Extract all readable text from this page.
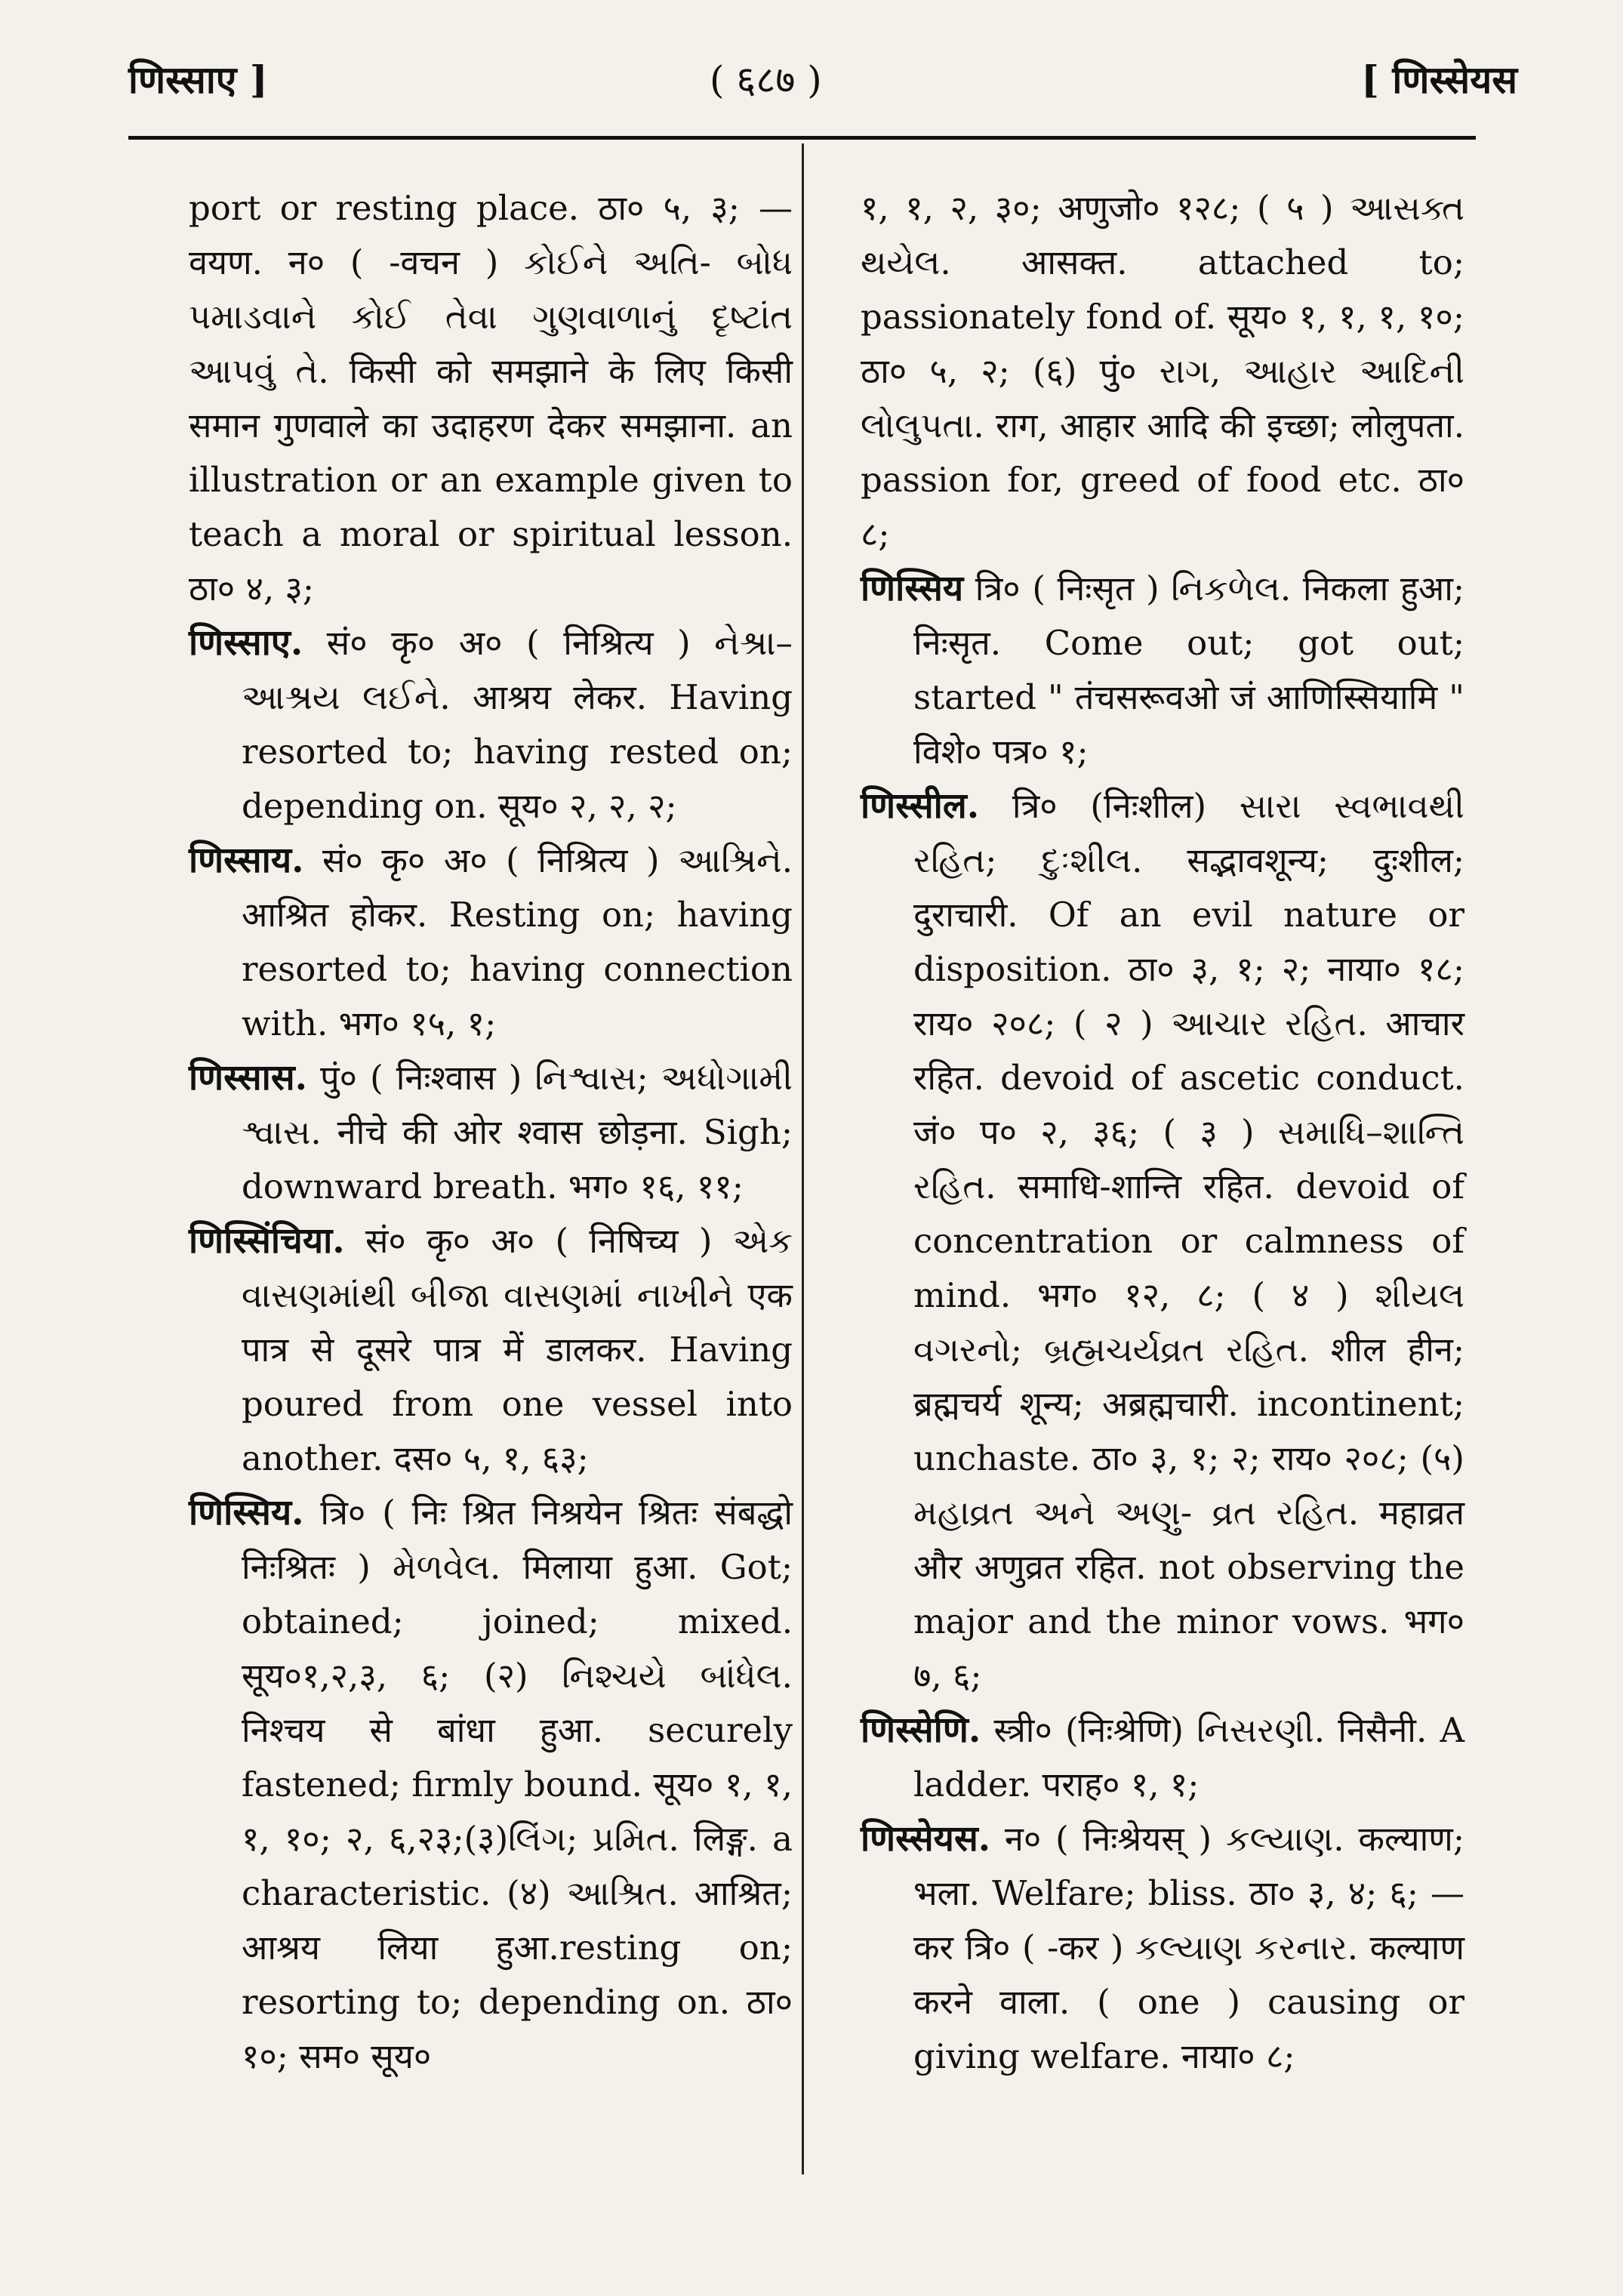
णिस्साए ]	( ६८७ )	[ णिस्सेयस

port or resting place. ठा० ५, ३; —वयण. न० ( -वचन ) કોઈને અતિ- બોધ પમાડવાને કોઈ તેવા ગુણવાળાનું દૃષ્ટાંત આપવું તે. किसी को समझाने के लिए किसी समान गुणवाले का उदाहरण देकर समझाना. an illustration or an example given to teach a moral or spiritual lesson. ठा० ४, ३;

णिस्साए. सं० कृ० अ० ( निश्रित्य ) નેશ્રા– આશ્રય લઈને. आश्रय लेकर. Having resorted to; having rested on; depending on. सूय० २, २, २;

णिस्साय. सं० कृ० अ० ( निश्रित्य ) આશ્રિને. आश्रित होकर. Resting on; having resorted to; having connection with. भग० १५, १;

णिस्सास. पुं० ( निःश्वास ) નિશ્વાસ; અધોગામી શ્વાસ. नीचे की ओर श्वास छोड़ना. Sigh; downward breath. भग० १६, ११;

णिस्सिंचिया. सं० कृ० अ० ( निषिच्य ) એક વાસણમાંથી બીજા વાસણમાં નાખીને एक पात्र से दूसरे पात्र में डालकर. Having poured from one vessel into another. दस० ५, १, ६३;

णिस्सिय. त्रि० ( निः श्रित निश्रयेन श्रितः संबद्धो निःश्रितः ) મેળવેલ. मिलाया हुआ. Got; obtained; joined; mixed. सूय०१,२,३, ६; (२) નિશ્ચયે બાંધેલ. निश्चय से बांधा हुआ. securely fastened; firmly bound. सूय० १, १, १, १०; २, ६,२३;(३)લિંગ; પ્રમિત. लिङ्ग. a characteristic. (४) આશ્રિત. आश्रित; आश्रय लिया हुआ.resting on; resorting to; depending on. ठा० १०; सम० सूय०

१, १, २, ३०; अणुजो० १२८; ( ५ ) આસક્ત થયેલ. आसक्त. attached to; passionately fond of. सूय० १, १, १, १०; ठा० ५, २; (६) पुं० રાગ, આહાર આદિની લોલુપતા. राग, आहार आदि की इच्छा; लोलुपता. passion for, greed of food etc. ठा० ८;

णिस्सिय त्रि० ( निःसृत ) નિકળેલ. निकला हुआ; निःसृत. Come out; got out; started " तंचसरूवओ जं आणिस्सियामि " विशे० पत्र० १;

णिस्सील. त्रि० (निःशील) સારા સ્વભાવથી રહિત; દુઃશીલ. सद्भावशून्य; दुःशील; दुराचारी. Of an evil nature or disposition. ठा० ३, १; २; नाया० १८; राय० २०८; ( २ ) આચાર રહિત. आचार रहित. devoid of ascetic conduct. जं० प० २, ३६; ( ३ ) સમાધિ–શાન્તિ રહિત. समाधि-शान्ति रहित. devoid of concentration or calmness of mind. भग० १२, ८; ( ४ ) શીયલ વગરનો; બ્રહ્મચર્યવ્રત રહિત. शील हीन; ब्रह्मचर्य शून्य; अब्रह्मचारी. incontinent; unchaste. ठा० ३, १; २; राय० २०८; (५) મહાવ્રત અને અણુ- વ્રત રહિત. महाव्रत और अणुव्रत रहित. not observing the major and the minor vows. भग० ७, ६;

णिस्सेणि. स्त्री० (निःश्रेणि) નિસરણી. निसैनी. A ladder. पराह० १, १;

णिस्सेयस. न० ( निःश्रेयस् ) કલ્યાણ. कल्याण; भला. Welfare; bliss. ठा० ३, ४; ६; —कर त्रि० ( -कर ) કલ્યાણ કરનાર. कल्याण करने वाला. ( one ) causing or giving welfare. नाया० ८;
